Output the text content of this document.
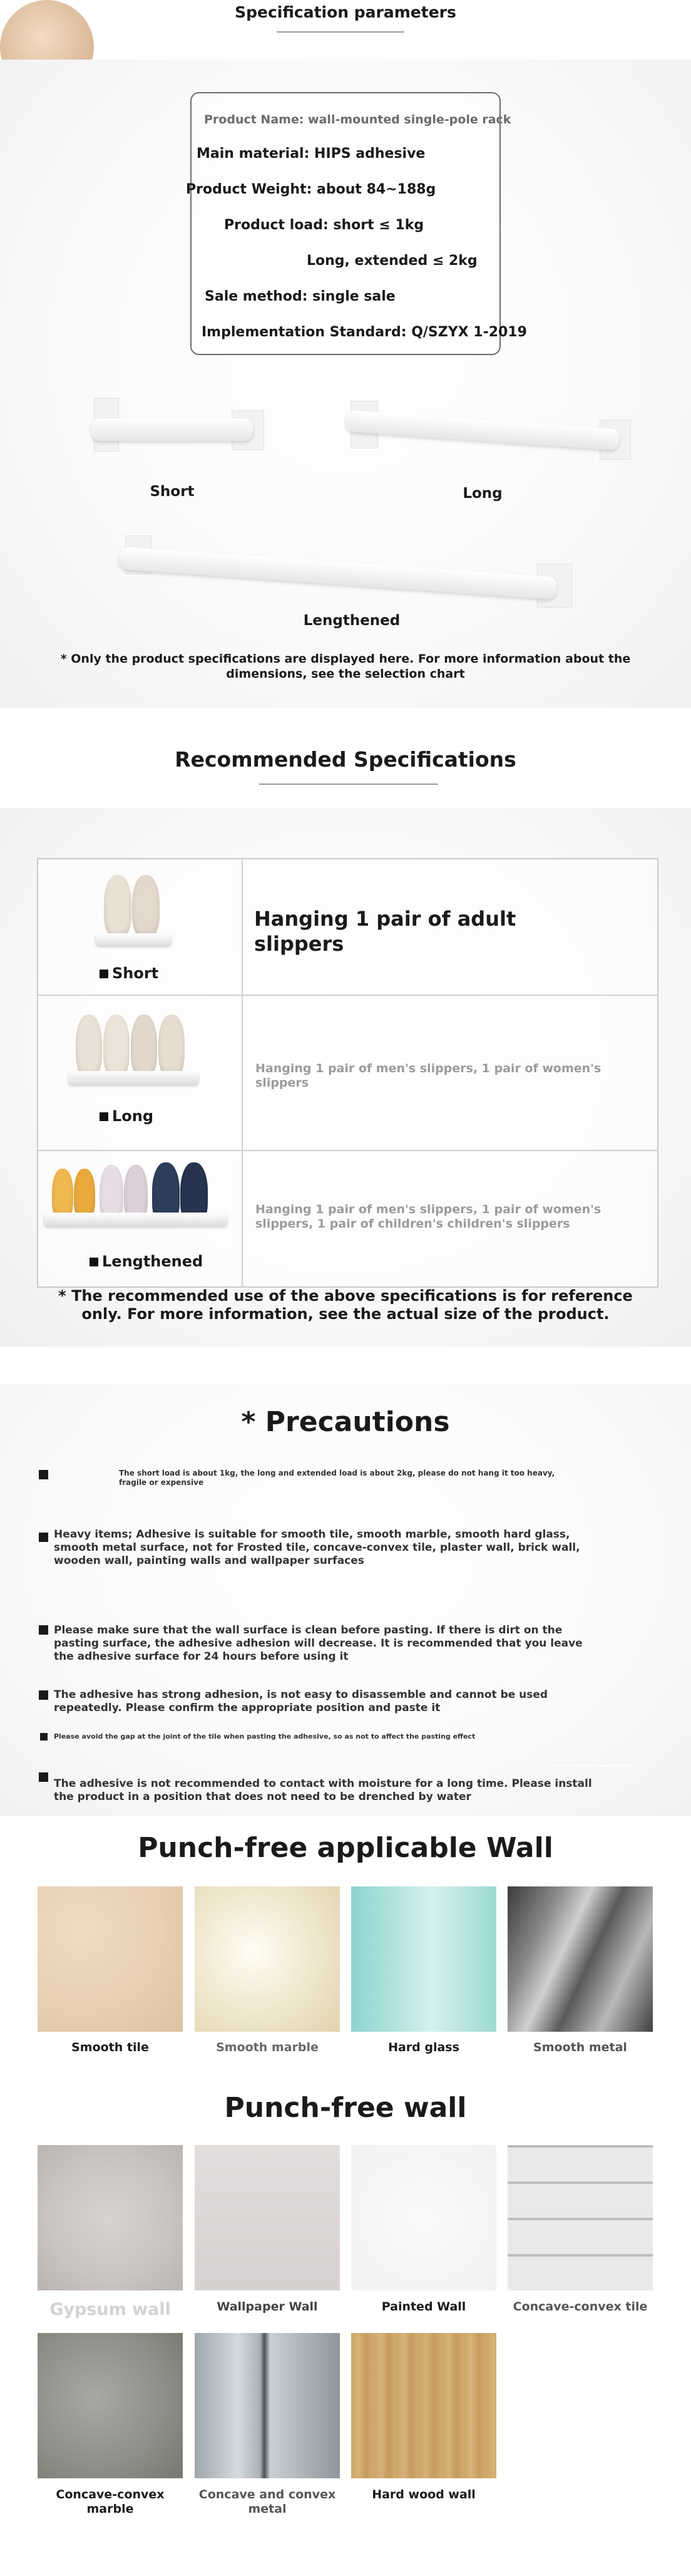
Specification parameters
Product Name: wall-mounted single-pole rack
Main material: HIPS adhesive
Product Weight: about 84~188g
Product load: short ≤ 1kg
Long, extended ≤ 2kg
Sale method: single sale
Implementation Standard: Q/SZYX 1-2019
Short	Long
Lengthened
* Only the product specifications are displayed here. For more information about the dimensions, see the selection chart
Recommended Specifications
Short
Hanging 1 pair of adult slippers
Long
Hanging 1 pair of men's slippers, 1 pair of women's slippers
Lengthened
Hanging 1 pair of men's slippers, 1 pair of women's slippers, 1 pair of children's children's slippers
* The recommended use of the above specifications is for reference only. For more information, see the actual size of the product.
* Precautions
The short load is about 1kg, the long and extended load is about 2kg, please do not hang it too heavy, fragile or expensive
Heavy items; Adhesive is suitable for smooth tile, smooth marble, smooth hard glass, smooth metal surface, not for Frosted tile, concave-convex tile, plaster wall, brick wall, wooden wall, painting walls and wallpaper surfaces
Please make sure that the wall surface is clean before pasting. If there is dirt on the pasting surface, the adhesive adhesion will decrease. It is recommended that you leave the adhesive surface for 24 hours before using it
The adhesive has strong adhesion, is not easy to disassemble and cannot be used repeatedly. Please confirm the appropriate position and paste it
Please avoid the gap at the joint of the tile when pasting the adhesive, so as not to affect the pasting effect
The adhesive is not recommended to contact with moisture for a long time. Please install the product in a position that does not need to be drenched by water
Punch-free applicable Wall
Smooth tile	Smooth marble	Hard glass	Smooth metal
Punch-free wall
Gypsum wall	Wallpaper Wall	Painted Wall	Concave-convex tile
Concave-convex marble
Concave and convex metal
Hard wood wall
